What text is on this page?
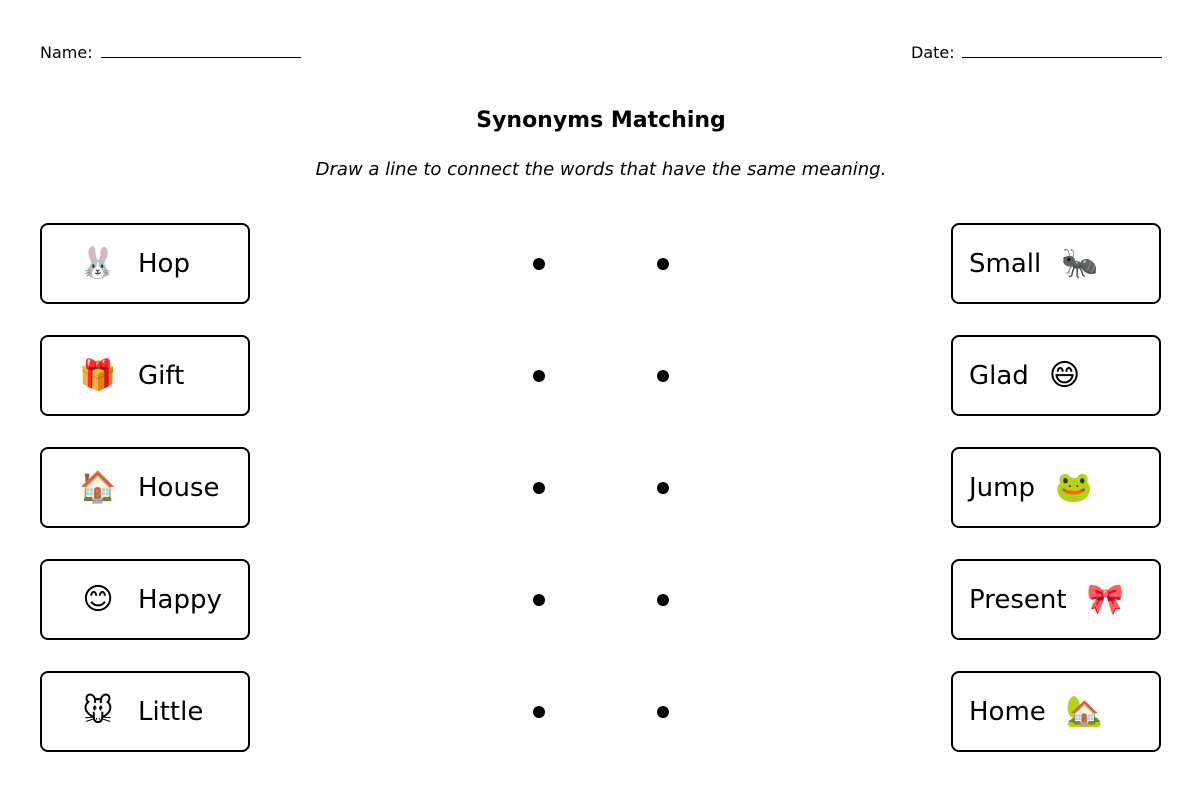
Name:	Date:
Synonyms Matching
Draw a line to connect the words that have the same meaning.
🐰 Hop	Small 🐜
🎁 Gift	Glad 😄
🏠 House	Jump 🐸
😊 Happy	Present 🎀
🐭 Little	Home 🏡
